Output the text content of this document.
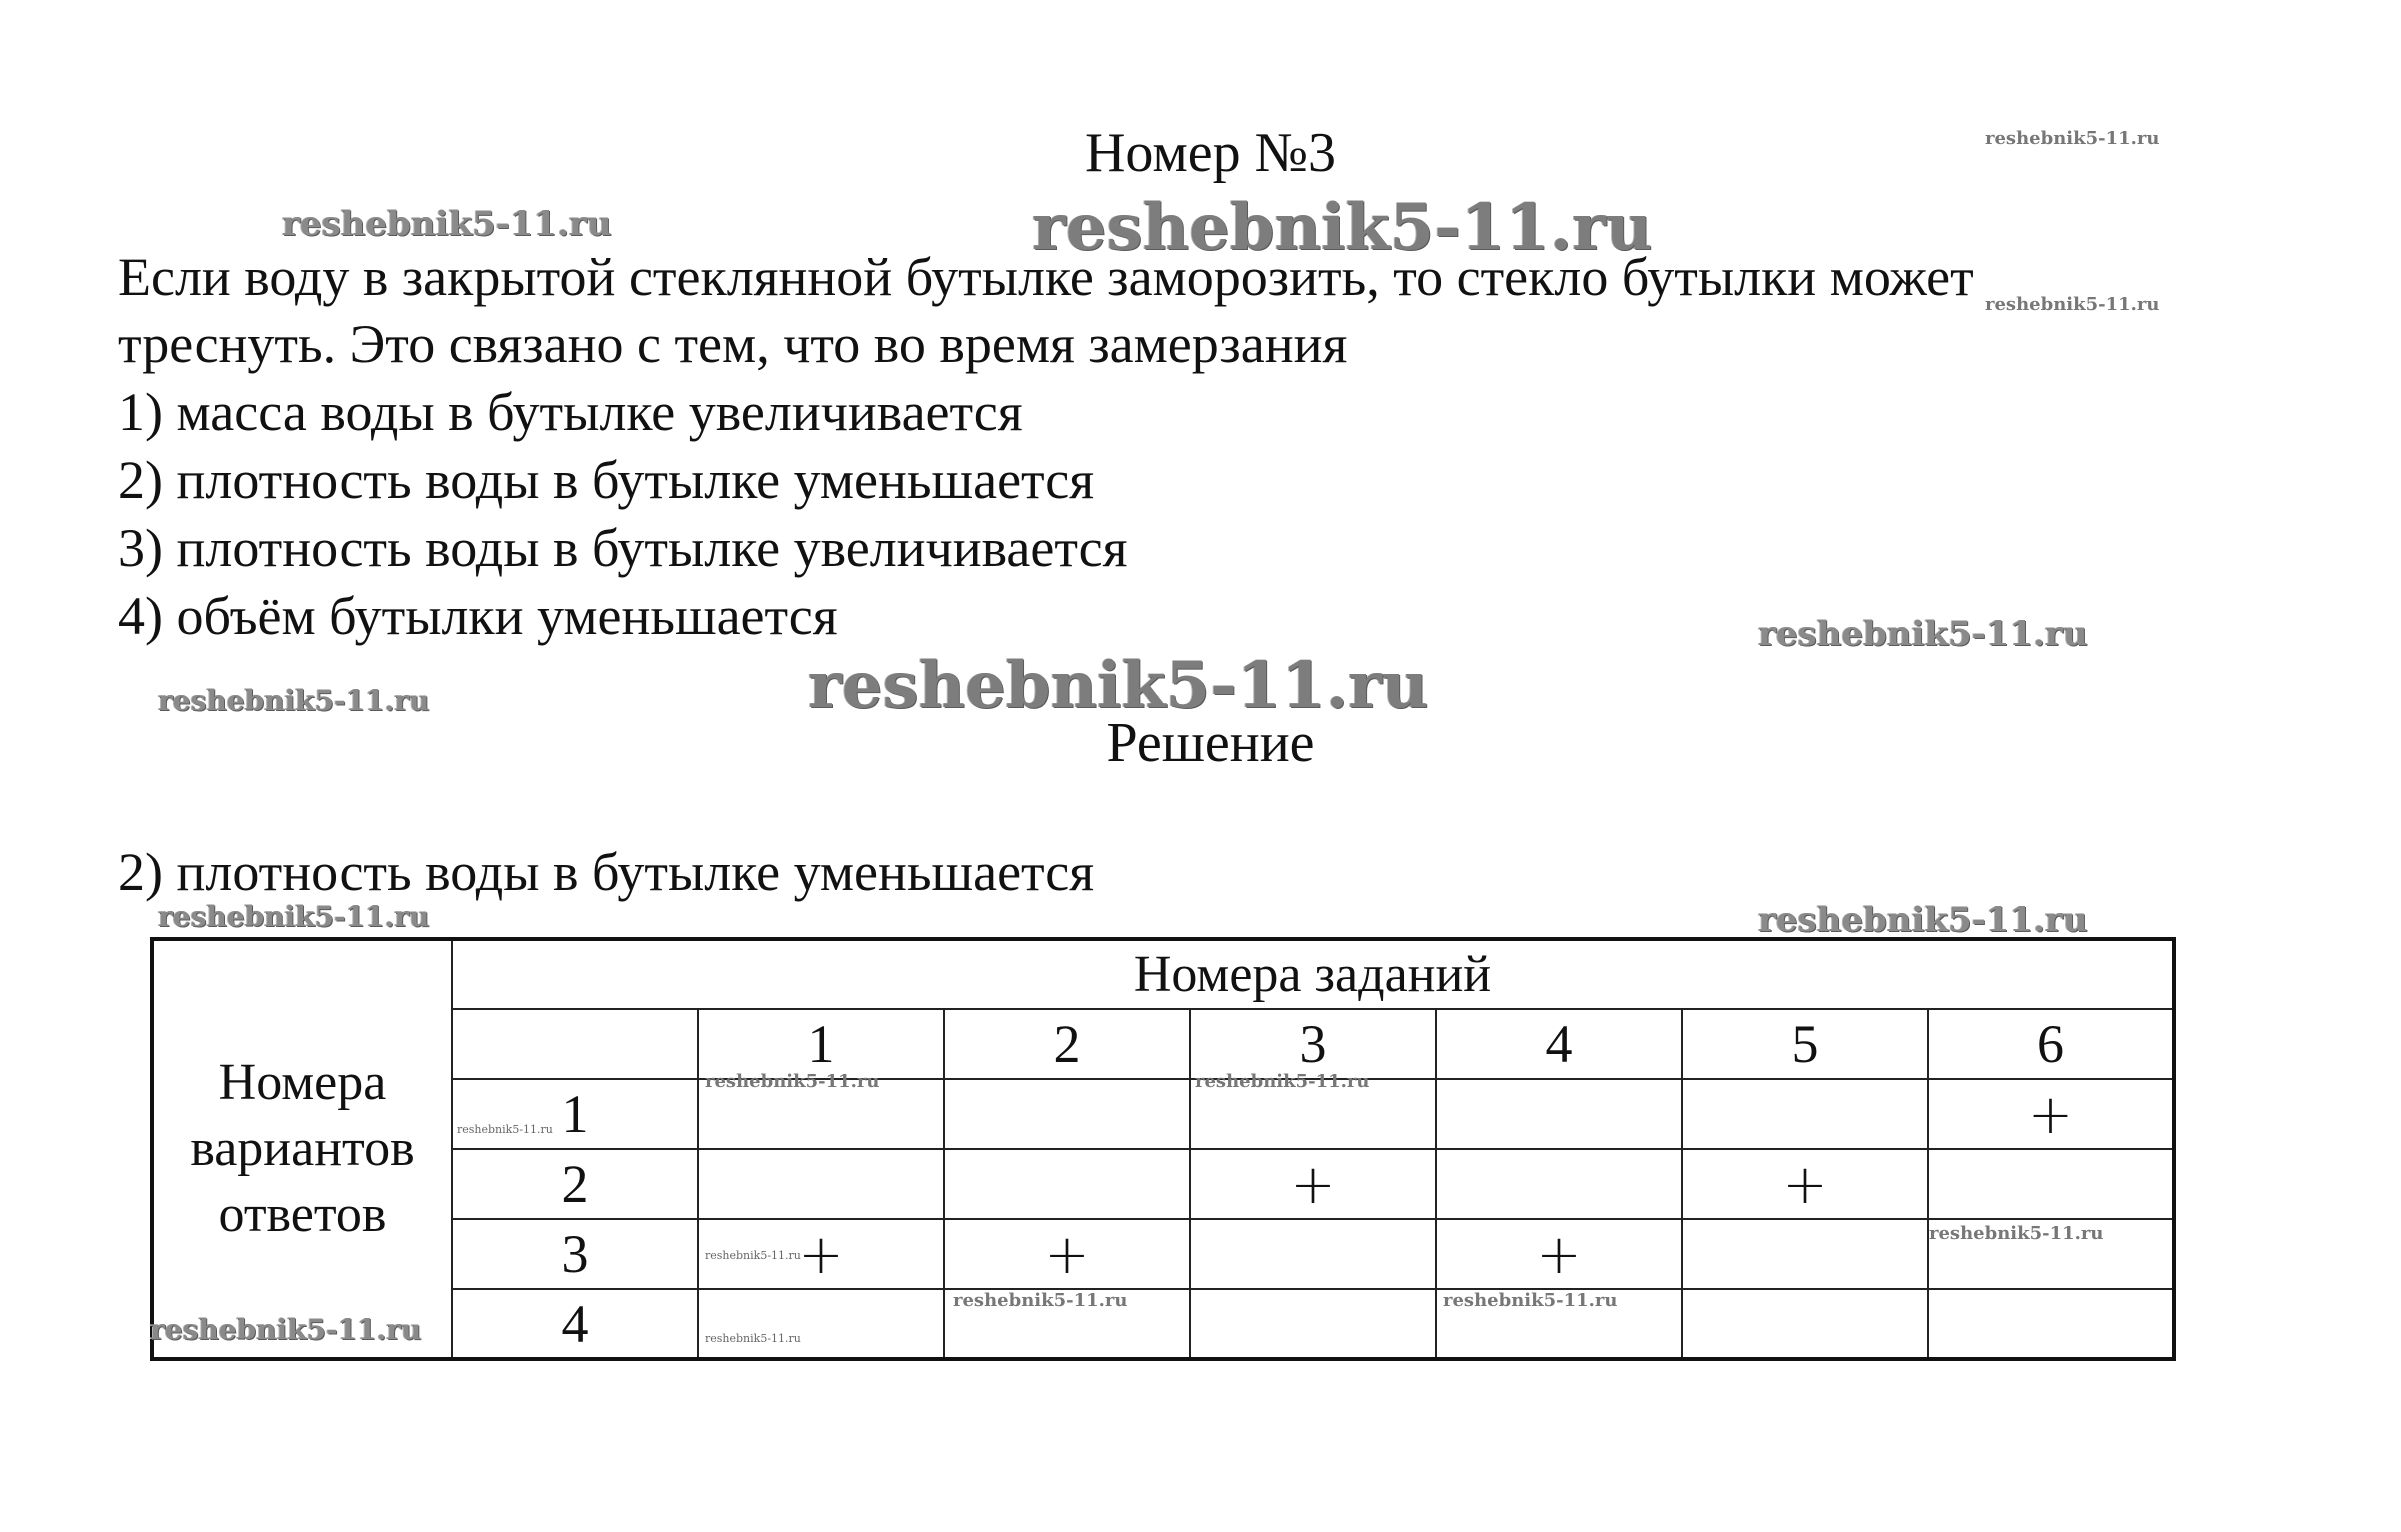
Номер №3
Если воду в закрытой стеклянной бутылке заморозить, то стекло бутылки может
треснуть. Это связано с тем, что во время замерзания
1) масса воды в бутылке увеличивается
2) плотность воды в бутылке уменьшается
3) плотность воды в бутылке увеличивается
4) объём бутылки уменьшается
Решение
2) плотность воды в бутылке уменьшается
Номера
вариантов
ответов	Номера заданий						
		1	2	3	4	5	6
	1						+
	2			+		+	
	3	+	+		+		
	4						
reshebnik5-11.ru
reshebnik5-11.ru	reshebnik5-11.ru
reshebnik5-11.ru
reshebnik5-11.ru
reshebnik5-11.ru	reshebnik5-11.ru
reshebnik5-11.ru	reshebnik5-11.ru
reshebnik5-11.ru	reshebnik5-11.ru
reshebnik5-11.ru
reshebnik5-11.ru
reshebnik5-11.ru
reshebnik5-11.ru	reshebnik5-11.ru
reshebnik5-11.ru
reshebnik5-11.ru
